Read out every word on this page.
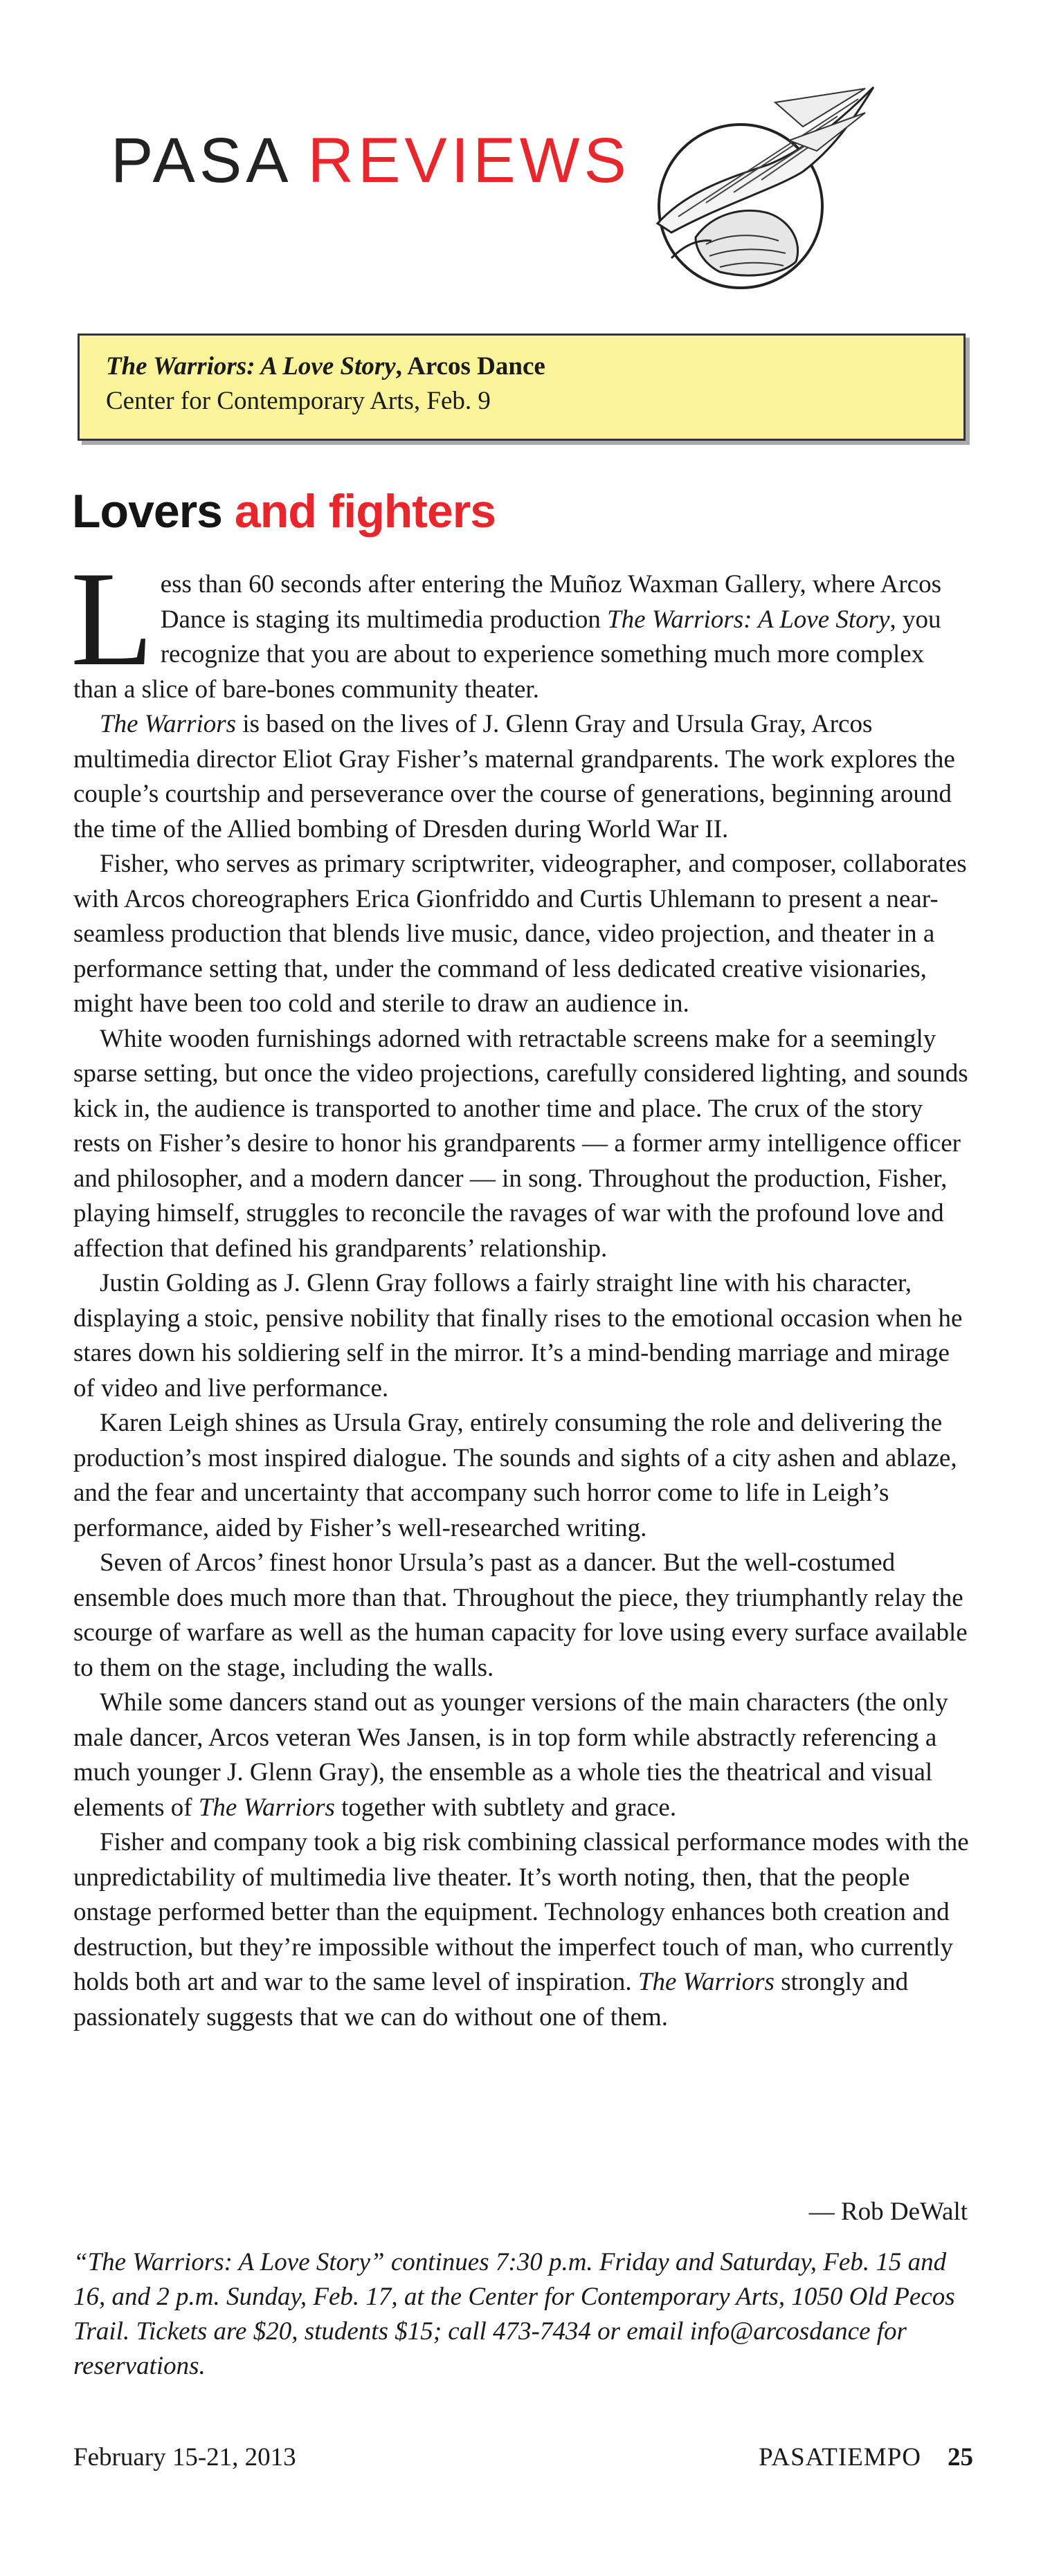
PASA REVIEWS
The Warriors: A Love Story, Arcos Dance
Center for Contemporary Arts, Feb. 9
Lovers and fighters

Less than 60 seconds after entering the Muñoz Waxman Gallery, where Arcos Dance is staging its multimedia production The Warriors: A Love Story, you recognize that you are about to experience something much more complex than a slice of bare-bones community theater.

The Warriors is based on the lives of J. Glenn Gray and Ursula Gray, Arcos multimedia director Eliot Gray Fisher’s maternal grandparents. The work explores the couple’s courtship and perseverance over the course of generations, beginning around the time of the Allied bombing of Dresden during World War II.

Fisher, who serves as primary scriptwriter, videographer, and composer, collaborates with Arcos choreographers Erica Gionfriddo and Curtis Uhlemann to present a near-seamless production that blends live music, dance, video projection, and theater in a performance setting that, under the command of less dedicated creative visionaries, might have been too cold and sterile to draw an audience in.

White wooden furnishings adorned with retractable screens make for a seemingly sparse setting, but once the video projections, carefully considered lighting, and sounds kick in, the audience is transported to another time and place. The crux of the story rests on Fisher’s desire to honor his grandparents — a former army intelligence officer and philosopher, and a modern dancer — in song. Throughout the production, Fisher, playing himself, struggles to reconcile the ravages of war with the profound love and affection that defined his grandparents’ relationship.

Justin Golding as J. Glenn Gray follows a fairly straight line with his character, displaying a stoic, pensive nobility that finally rises to the emotional occasion when he stares down his soldiering self in the mirror. It’s a mind-bending marriage and mirage of video and live performance.

Karen Leigh shines as Ursula Gray, entirely consuming the role and delivering the production’s most inspired dialogue. The sounds and sights of a city ashen and ablaze, and the fear and uncertainty that accompany such horror come to life in Leigh’s performance, aided by Fisher’s well-researched writing.

Seven of Arcos’ finest honor Ursula’s past as a dancer. But the well-costumed ensemble does much more than that. Throughout the piece, they triumphantly relay the scourge of warfare as well as the human capacity for love using every surface available to them on the stage, including the walls.

While some dancers stand out as younger versions of the main characters (the only male dancer, Arcos veteran Wes Jansen, is in top form while abstractly referencing a much younger J. Glenn Gray), the ensemble as a whole ties the theatrical and visual elements of The Warriors together with subtlety and grace.

Fisher and company took a big risk combining classical performance modes with the unpredictability of multimedia live theater. It’s worth noting, then, that the people onstage performed better than the equipment. Technology enhances both creation and destruction, but they’re impossible without the imperfect touch of man, who currently holds both art and war to the same level of inspiration. The Warriors strongly and passionately suggests that we can do without one of them.

— Rob DeWalt
“The Warriors: A Love Story” continues 7:30 p.m. Friday and Saturday, Feb. 15 and 16, and 2 p.m. Sunday, Feb. 17, at the Center for Contemporary Arts, 1050 Old Pecos Trail. Tickets are $20, students $15; call 473-7434 or email info@arcosdance for reservations.
February 15-21, 2013	PASATIEMPO 25
